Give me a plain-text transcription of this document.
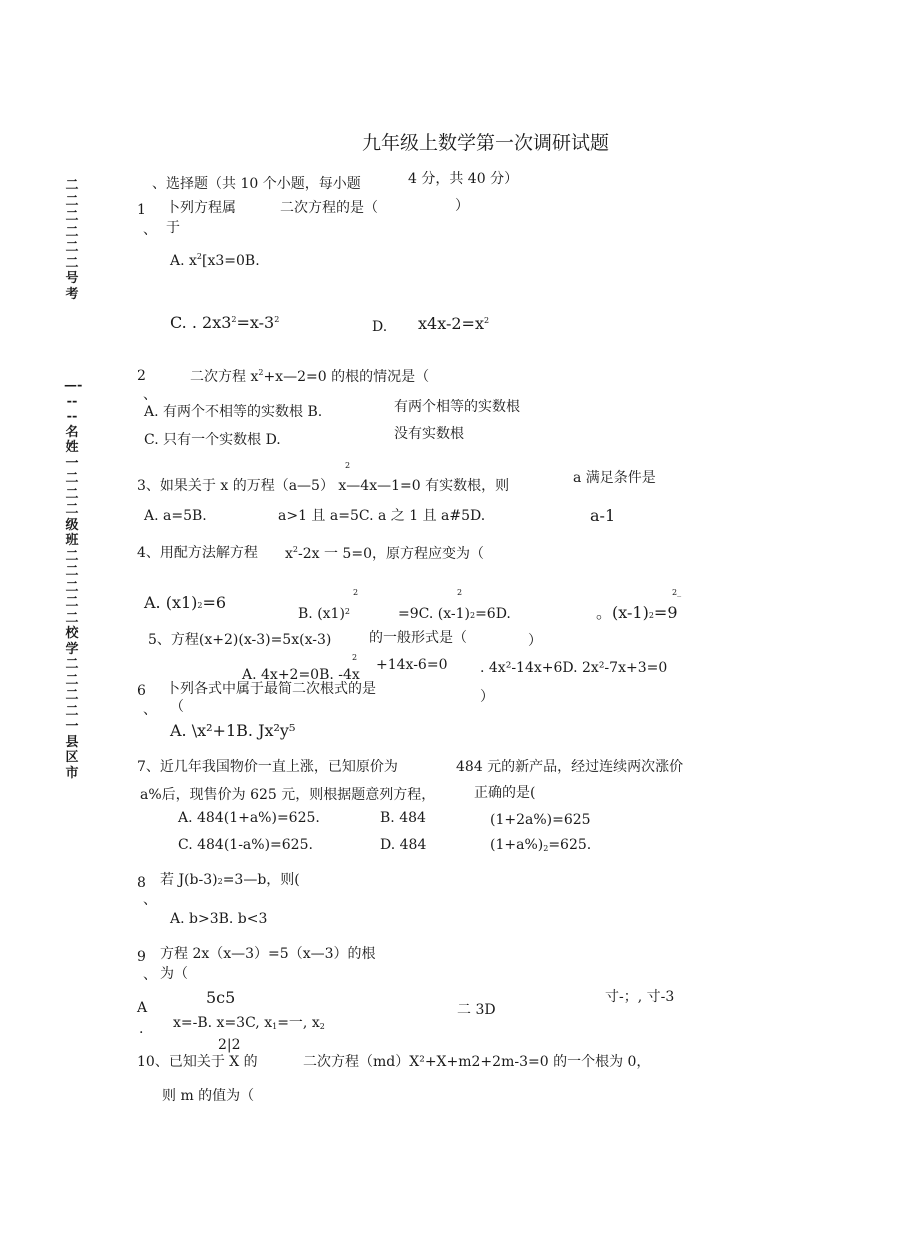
二二二二二二号考
—-----名姓一二二二级班二二二二二校学二二二二一县区市
九年级上数学第一次调研试题
、选择题（共 10 个小题，每小题	4 分，共 40 分）
1 卜列方程属	二次方程的是（	）
、 于
A. $x^2[x3=0B$.
C. . $2x3^2=x-3^2$	D. $x4x-2=x^2$
2	二次方程 $x^2+x—2=0$ 的根的情况是（
、
A. 有两个不相等的实数根 B.	有两个相等的实数根
C. 只有一个实数根 D.	没有实数根
2
3、如果关于 x 的万程（a—5） x—4x—1=0 有实数根，则	a 满足条件是
A. a=5B.	a>1 且 a=5C. a 之 1 且 a#5D.	a-1
4、用配方法解方程 $x^2-2x$ 一 5=0，原方程应变为（
A. (x1)2=6
2
B. $(x1)^2$
2
=9C. (x-1)2=6D.
2_
。(x-1)2=9
5、方程(x+2)(x-3)=5x(x-3)	的一般形式是（	）
2
A. 4x+2=0B. -4x
+14x-6=0 . 4x²-14x+6D. 2x²-7x+3=0
6 卜列各式中属于最简二次根式的是
、 （
）
A. \x²+1B. Jx²y⁵
7、近几年我国物价一直上涨，已知原价为	484 元的新产品，经过连续两次涨价
a%后，现售价为 625 元，则根据题意列方程，	正确的是(
A. 484(1+a%)=625.	B. 484	(1+2a%)=625
C. 484(1-a%)=625.	D. 484	(1+a%)2=625.
8 若 J(b-3)2=3—b，则(
、
A. b>3B. b<3
9 方程 2x（x—3）=5（x—3）的根
、 为（
5c5
A
. x=-B. x=3C, x1=一, x2
2|2
二 3D
寸-；, 寸-3
10、已知关于 X 的	二次方程（md）X²+X+m2+2m-3=0 的一个根为 0，
则 m 的值为（
